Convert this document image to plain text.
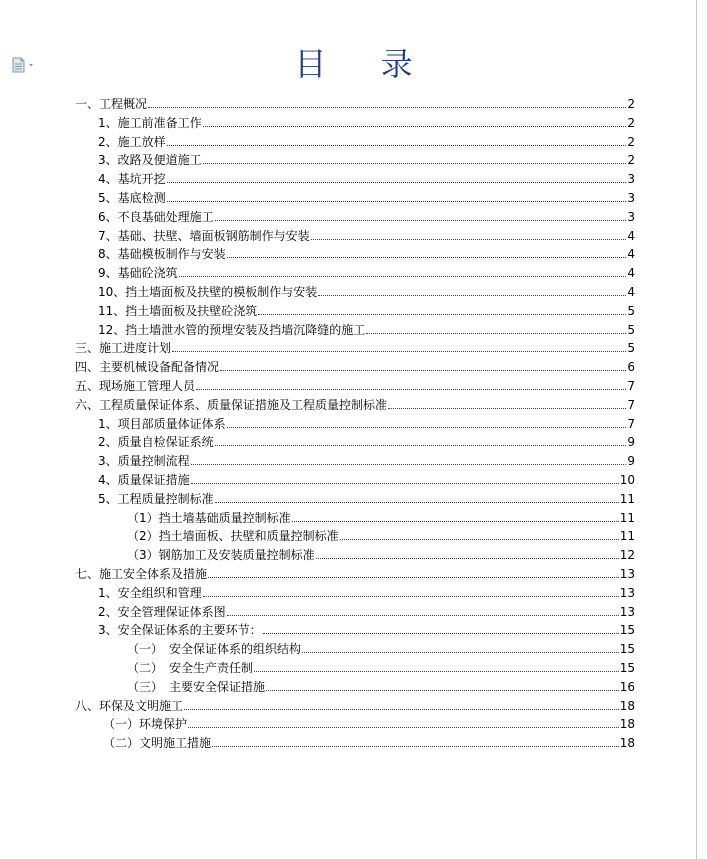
目 录
一、工程概况	2
1、施工前准备工作	2
2、施工放样	2
3、改路及便道施工	2
4、基坑开挖	3
5、基底检测	3
6、不良基础处理施工	3
7、基础、扶壁、墙面板钢筋制作与安装	4
8、基础模板制作与安装	4
9、基础砼浇筑	4
10、挡土墙面板及扶壁的模板制作与安装	4
11、挡土墙面板及扶壁砼浇筑	5
12、挡土墙泄水管的预埋安装及挡墙沉降缝的施工	5
三、施工进度计划	5
四、主要机械设备配备情况	6
五、现场施工管理人员	7
六、工程质量保证体系、质量保证措施及工程质量控制标准	7
1、项目部质量体证体系	7
2、质量自检保证系统	9
3、质量控制流程	9
4、质量保证措施	10
5、工程质量控制标准	11
（1）挡土墙基础质量控制标准	11
（2）挡土墙面板、扶壁和质量控制标准	11
（3）钢筋加工及安装质量控制标准	12
七、施工安全体系及措施	13
1、安全组织和管理	13
2、安全管理保证体系图	13
3、安全保证体系的主要环节：	15
（一）　安全保证体系的组织结构	15
（二）　安全生产责任制	15
（三）　主要安全保证措施	16
八、环保及文明施工	18
（一）环境保护	18
（二）文明施工措施	18
